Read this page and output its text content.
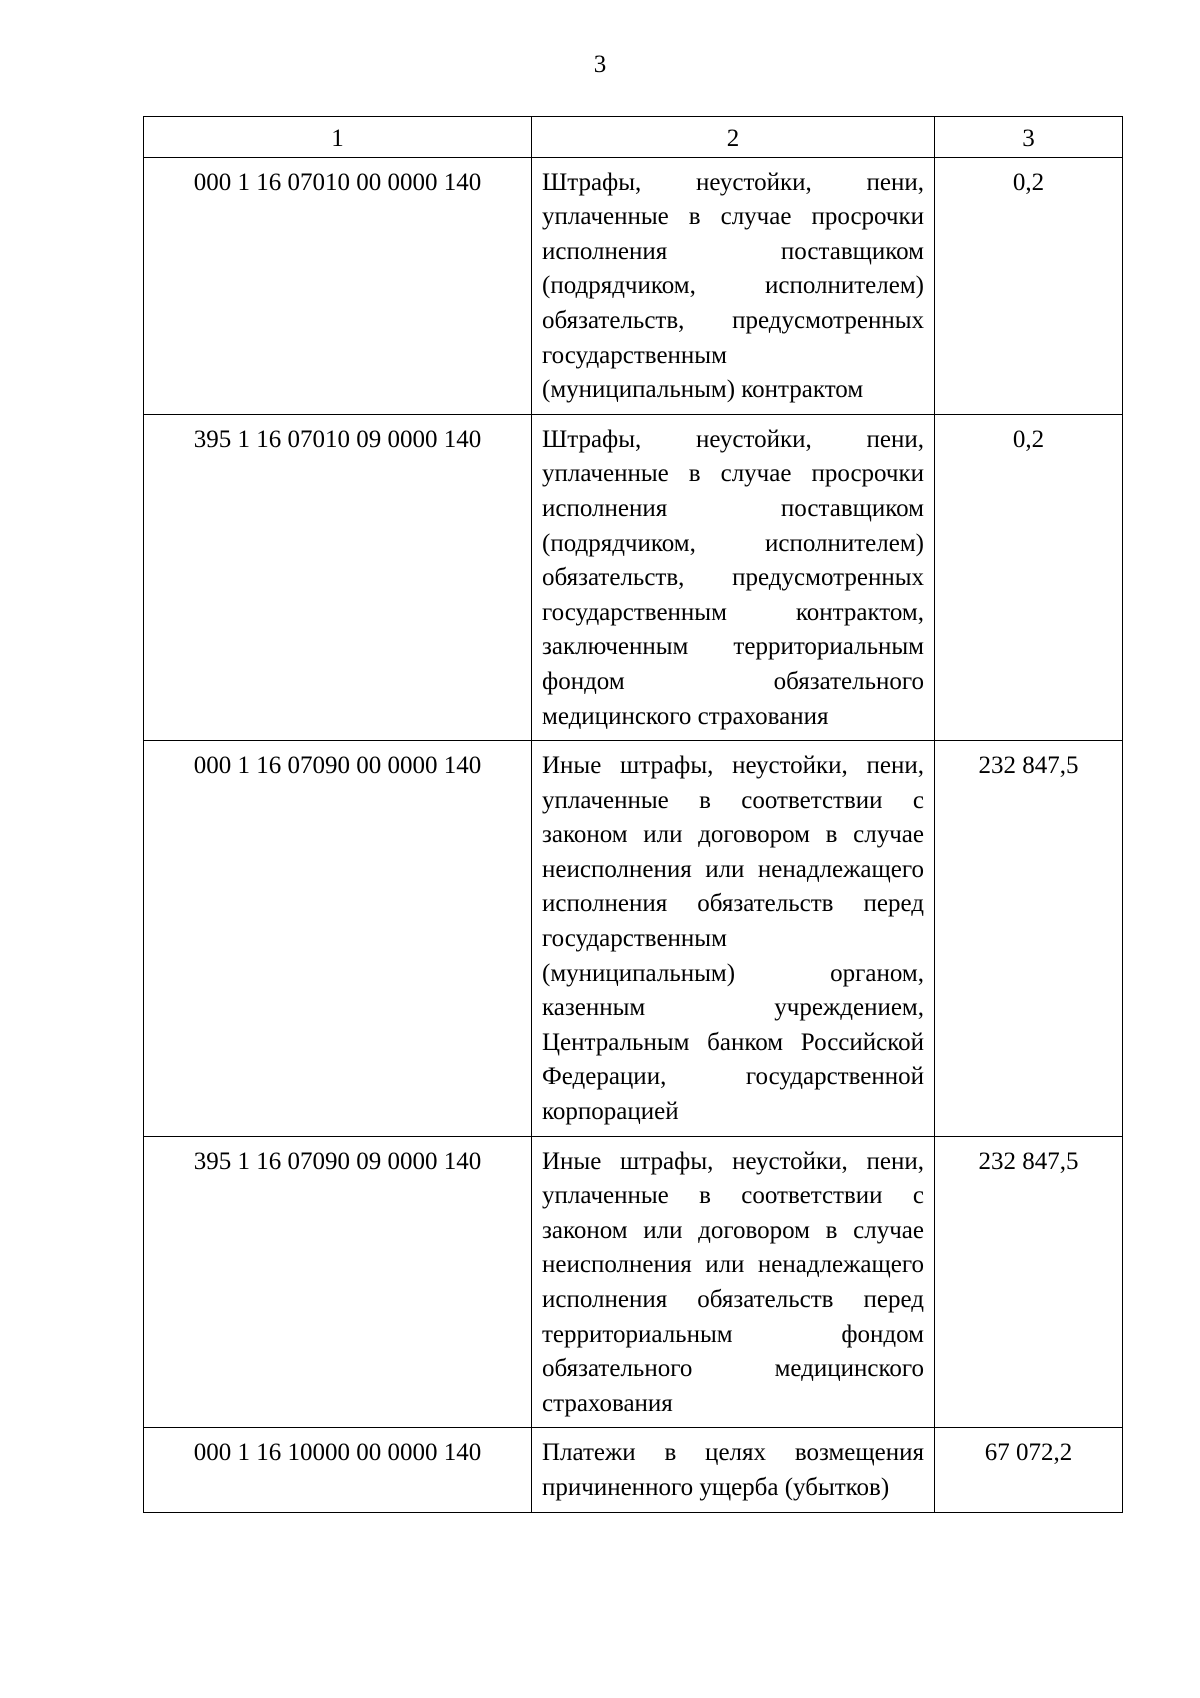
3
1	2	3
000 1 16 07010 00 0000 140	Штрафы, неустойки, пени, уплаченные в случае просрочки исполнения поставщиком (подрядчиком, исполнителем) обязательств, предусмотренных государственным (муниципальным) контрактом	0,2
395 1 16 07010 09 0000 140	Штрафы, неустойки, пени, уплаченные в случае просрочки исполнения поставщиком (подрядчиком, исполнителем) обязательств, предусмотренных государственным контрактом, заключенным территориальным фондом обязательного медицинского страхования	0,2
000 1 16 07090 00 0000 140	Иные штрафы, неустойки, пени, уплаченные в соответствии с законом или договором в случае неисполнения или ненадлежащего исполнения обязательств перед государственным (муниципальным) органом, казенным учреждением, Центральным банком Российской Федерации, государственной корпорацией	232 847,5
395 1 16 07090 09 0000 140	Иные штрафы, неустойки, пени, уплаченные в соответствии с законом или договором в случае неисполнения или ненадлежащего исполнения обязательств перед территориальным фондом обязательного медицинского страхования	232 847,5
000 1 16 10000 00 0000 140	Платежи в целях возмещения причиненного ущерба (убытков)	67 072,2
